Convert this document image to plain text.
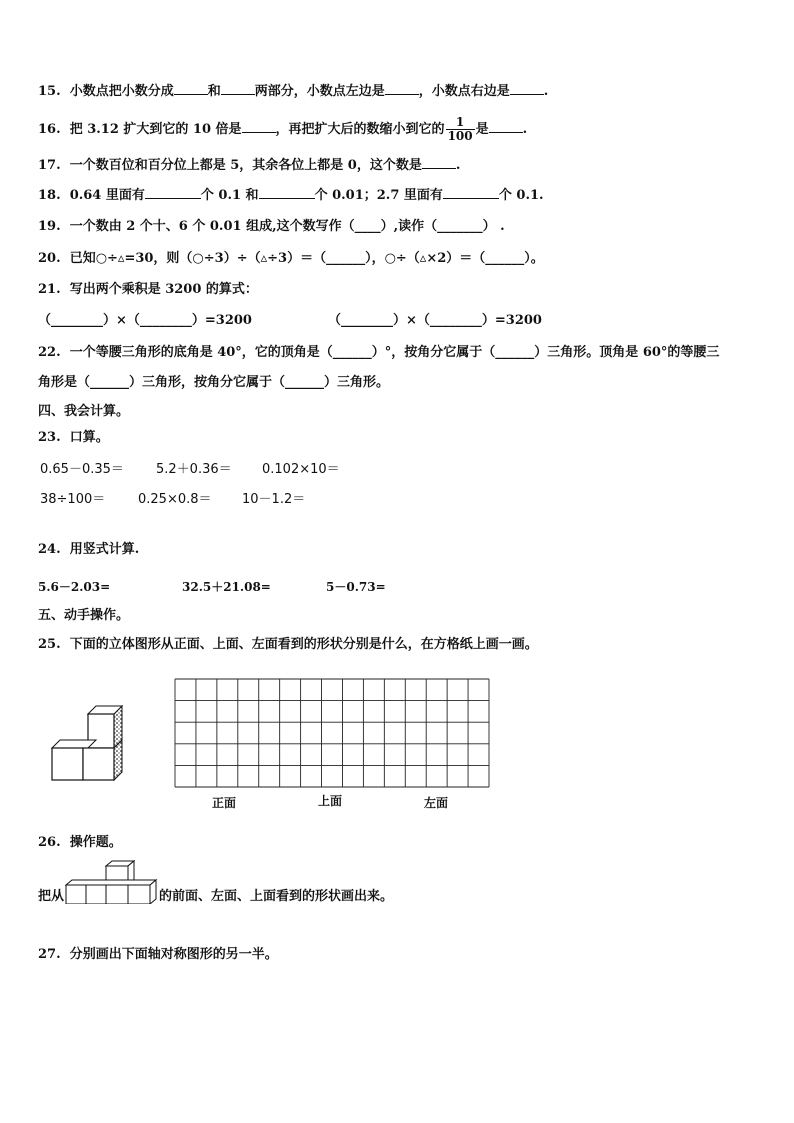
15. 小数点把小数分成	和	两部分，小数点左边是	，小数点右边是	.
16. 把 3.12 扩大到它的 10 倍是	，再把扩大后的数缩小到它的 $\frac{1}{100}$ 是	.
17. 一个数百位和百分位上都是 5，其余各位上都是 0，这个数是	.
18. 0.64 里面有	个 0.1 和	个 0.01；2.7 里面有	个 0.1.
19. 一个数由 2 个十、6 个 0.01 组成,这个数写作（____）,读作（_______） .
20. 已知○÷▵=30，则（○÷3）÷（▵÷3）＝（______），○÷（▵×2）＝（______）。
21. 写出两个乘积是 3200 的算式：
（________）×（________）=3200	（________）×（________）=3200
22. 一个等腰三角形的底角是 40°，它的顶角是（______）°，按角分它属于（______）三角形。顶角是 60°的等腰三
角形是（______）三角形，按角分它属于（______）三角形。
四、我会计算。
23. 口算。
0.65－0.35＝ 5.2＋0.36＝ 0.102×10＝
38÷100＝	0.25×0.8＝ 10－1.2＝
24. 用竖式计算.
5.6－2.03=	32.5＋21.08=	5－0.73=
五、动手操作。
25. 下面的立体图形从正面、上面、左面看到的形状分别是什么，在方格纸上画一画。
正面	上面	左面
26. 操作题。
把从	的前面、左面、上面看到的形状画出来。
27. 分别画出下面轴对称图形的另一半。
